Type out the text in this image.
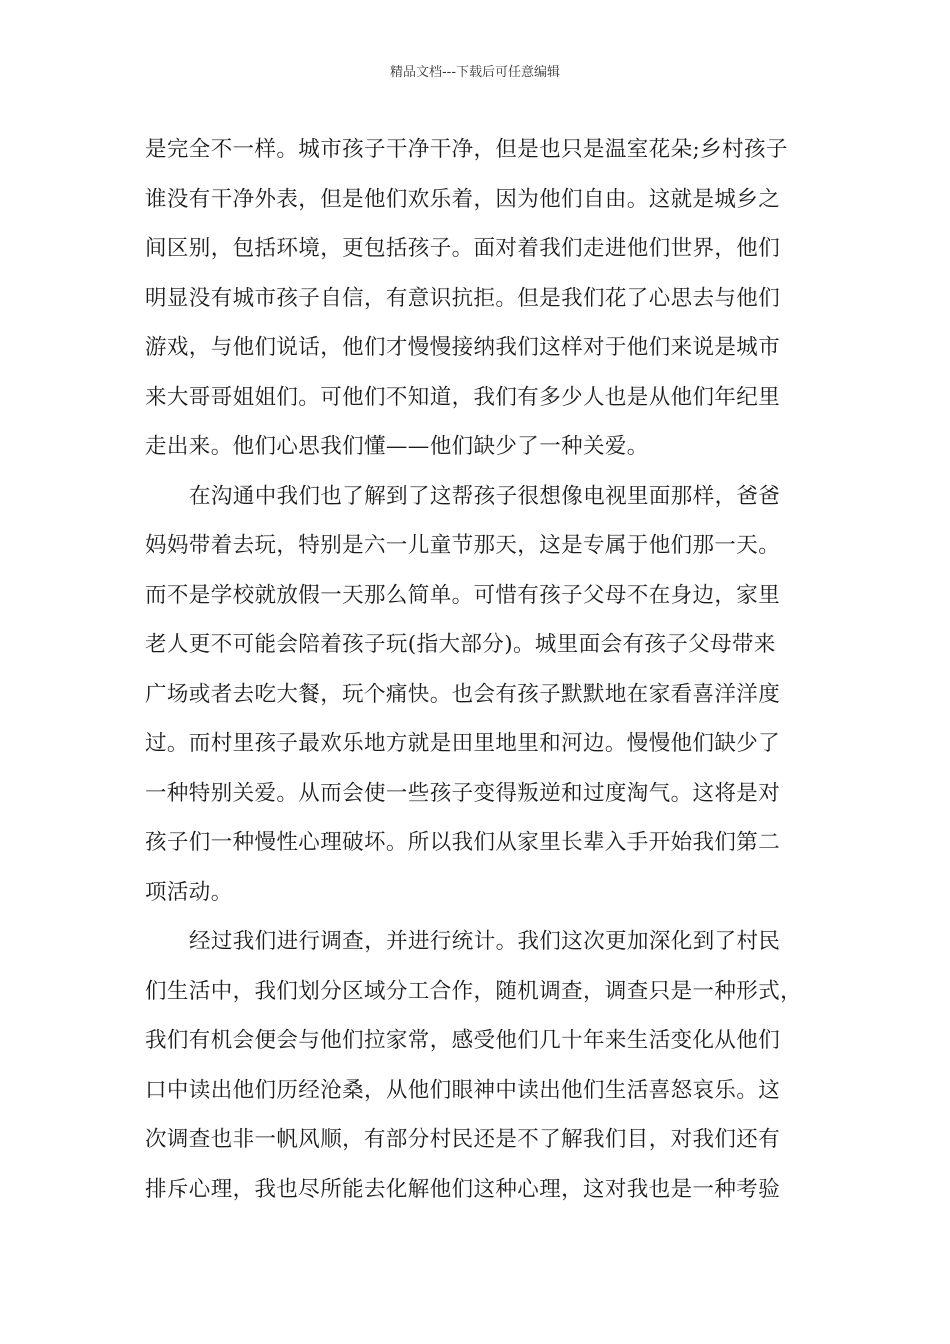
精品文档---下载后可任意编辑
是完全不一样。城市孩子干净干净，但是也只是温室花朵;乡村孩子
谁没有干净外表，但是他们欢乐着，因为他们自由。这就是城乡之
间区别，包括环境，更包括孩子。面对着我们走进他们世界，他们
明显没有城市孩子自信，有意识抗拒。但是我们花了心思去与他们
游戏，与他们说话，他们才慢慢接纳我们这样对于他们来说是城市
来大哥哥姐姐们。可他们不知道，我们有多少人也是从他们年纪里
走出来。他们心思我们懂——他们缺少了一种关爱。
在沟通中我们也了解到了这帮孩子很想像电视里面那样，爸爸
妈妈带着去玩，特别是六一儿童节那天，这是专属于他们那一天。
而不是学校就放假一天那么简单。可惜有孩子父母不在身边，家里
老人更不可能会陪着孩子玩(指大部分)。城里面会有孩子父母带来
广场或者去吃大餐，玩个痛快。也会有孩子默默地在家看喜洋洋度
过。而村里孩子最欢乐地方就是田里地里和河边。慢慢他们缺少了
一种特别关爱。从而会使一些孩子变得叛逆和过度淘气。这将是对
孩子们一种慢性心理破坏。所以我们从家里长辈入手开始我们第二
项活动。
经过我们进行调查，并进行统计。我们这次更加深化到了村民
们生活中，我们划分区域分工合作，随机调查，调查只是一种形式，
我们有机会便会与他们拉家常，感受他们几十年来生活变化从他们
口中读出他们历经沧桑，从他们眼神中读出他们生活喜怒哀乐。这
次调查也非一帆风顺，有部分村民还是不了解我们目，对我们还有
排斥心理，我也尽所能去化解他们这种心理，这对我也是一种考验
